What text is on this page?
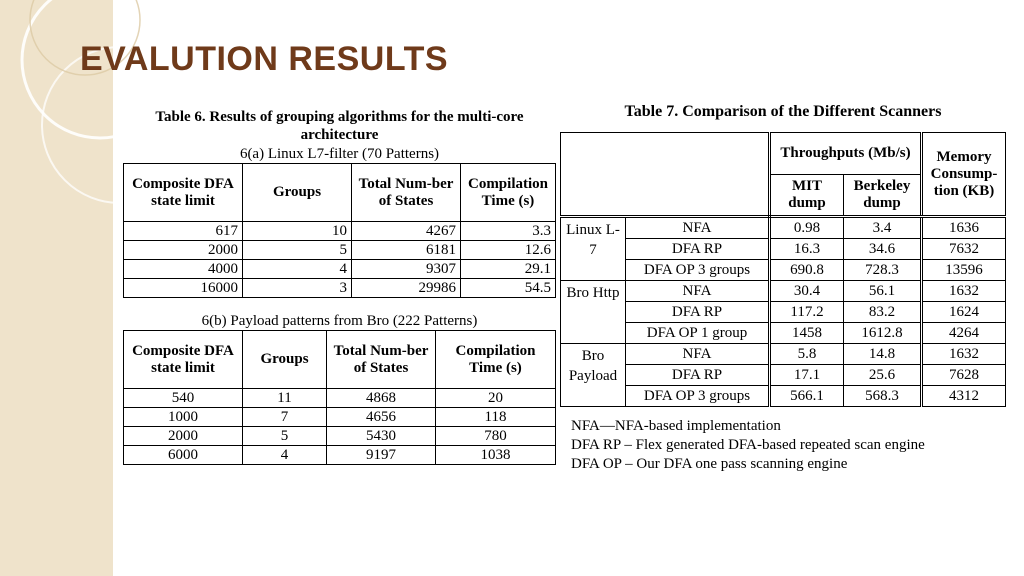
EVALUTION RESULTS
Table 6. Results of grouping algorithms for the multi-core architecture
6(a) Linux L7-filter (70 Patterns)
Composite DFA state limit	Groups	Total Num-ber of States	Compilation Time (s)
617	10	4267	3.3
2000	5	6181	12.6
4000	4	9307	29.1
16000	3	29986	54.5
6(b) Payload patterns from Bro (222 Patterns)
Composite DFA state limit	Groups	Total Num-ber of States	Compilation Time (s)
540	11	4868	20
1000	7	4656	118
2000	5	5430	780
6000	4	9197	1038
Table 7. Comparison of the Different Scanners
		Throughputs (Mb/s)		Memory Consump-tion (KB)
		MIT dump	Berkeley dump	
Linux L-7	NFA	0.98	3.4	1636
	DFA RP	16.3	34.6	7632
	DFA OP 3 groups	690.8	728.3	13596
Bro Http	NFA	30.4	56.1	1632
	DFA RP	117.2	83.2	1624
	DFA OP 1 group	1458	1612.8	4264
Bro Payload	NFA	5.8	14.8	1632
	DFA RP	17.1	25.6	7628
	DFA OP 3 groups	566.1	568.3	4312
NFA—NFA-based implementation
DFA RP – Flex generated DFA-based repeated scan engine
DFA OP – Our DFA one pass scanning engine
